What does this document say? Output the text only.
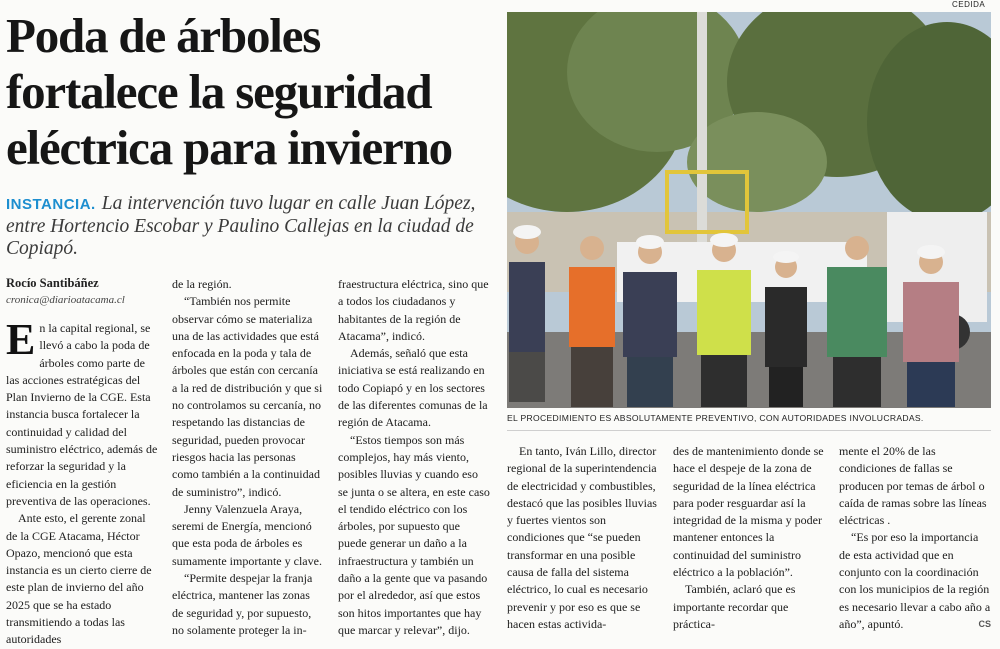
Poda de árboles
fortalece la seguridad
eléctrica para invierno
INSTANCIA. La intervención tuvo lugar en calle Juan López, entre Hortencio Escobar y Paulino Callejas en la ciudad de Copiapó.
Rocío Santibáñez
cronica@diarioatacama.cl

En la capital regional, se llevó a cabo la poda de árboles como parte de las acciones estratégicas del Plan Invierno de la CGE. Esta instancia busca fortalecer la continuidad y calidad del suministro eléctrico, además de reforzar la seguridad y la eficiencia en la gestión preventiva de las operaciones.

Ante esto, el gerente zonal de la CGE Atacama, Héctor Opazo, mencionó que esta instancia es un cierto cierre de este plan de invierno del año 2025 que se ha estado transmitiendo a todas las autoridades

de la región.

“También nos permite observar cómo se materializa una de las actividades que está enfocada en la poda y tala de árboles que están con cercanía a la red de distribución y que si no controlamos su cercanía, no respetando las distancias de seguridad, pueden provocar riesgos hacia las personas como también a la continuidad de suministro”, indicó.

Jenny Valenzuela Araya, seremi de Energía, mencionó que esta poda de árboles es sumamente importante y clave.

“Permite despejar la franja eléctrica, mantener las zonas de seguridad y, por supuesto, no solamente proteger la in-

fraestructura eléctrica, sino que a todos los ciudadanos y habitantes de la región de Atacama”, indicó.

Además, señaló que esta iniciativa se está realizando en todo Copiapó y en los sectores de las diferentes comunas de la región de Atacama.

“Estos tiempos son más complejos, hay más viento, posibles lluvias y cuando eso se junta o se altera, en este caso el tendido eléctrico con los árboles, por supuesto que puede generar un daño a la infraestructura y también un daño a la gente que va pasando por el alrededor, así que estos son hitos importantes que hay que marcar y relevar”, dijo.

CEDIDA
EL PROCEDIMIENTO ES ABSOLUTAMENTE PREVENTIVO, CON AUTORIDADES INVOLUCRADAS.

En tanto, Iván Lillo, director regional de la superintendencia de electricidad y combustibles, destacó que las posibles lluvias y fuertes vientos son condiciones que “se pueden transformar en una posible causa de falla del sistema eléctrico, lo cual es necesario prevenir y por eso es que se hacen estas activida-

des de mantenimiento donde se hace el despeje de la zona de seguridad de la línea eléctrica para poder resguardar así la integridad de la misma y poder mantener entonces la continuidad del suministro eléctrico a la población”.

También, aclaró que es importante recordar que práctica-

mente el 20% de las condiciones de fallas se producen por temas de árbol o caída de ramas sobre las líneas eléctricas .

“Es por eso la importancia de esta actividad que en conjunto con la coordinación con los municipios de la región es necesario llevar a cabo año a año”, apuntó.	CS
